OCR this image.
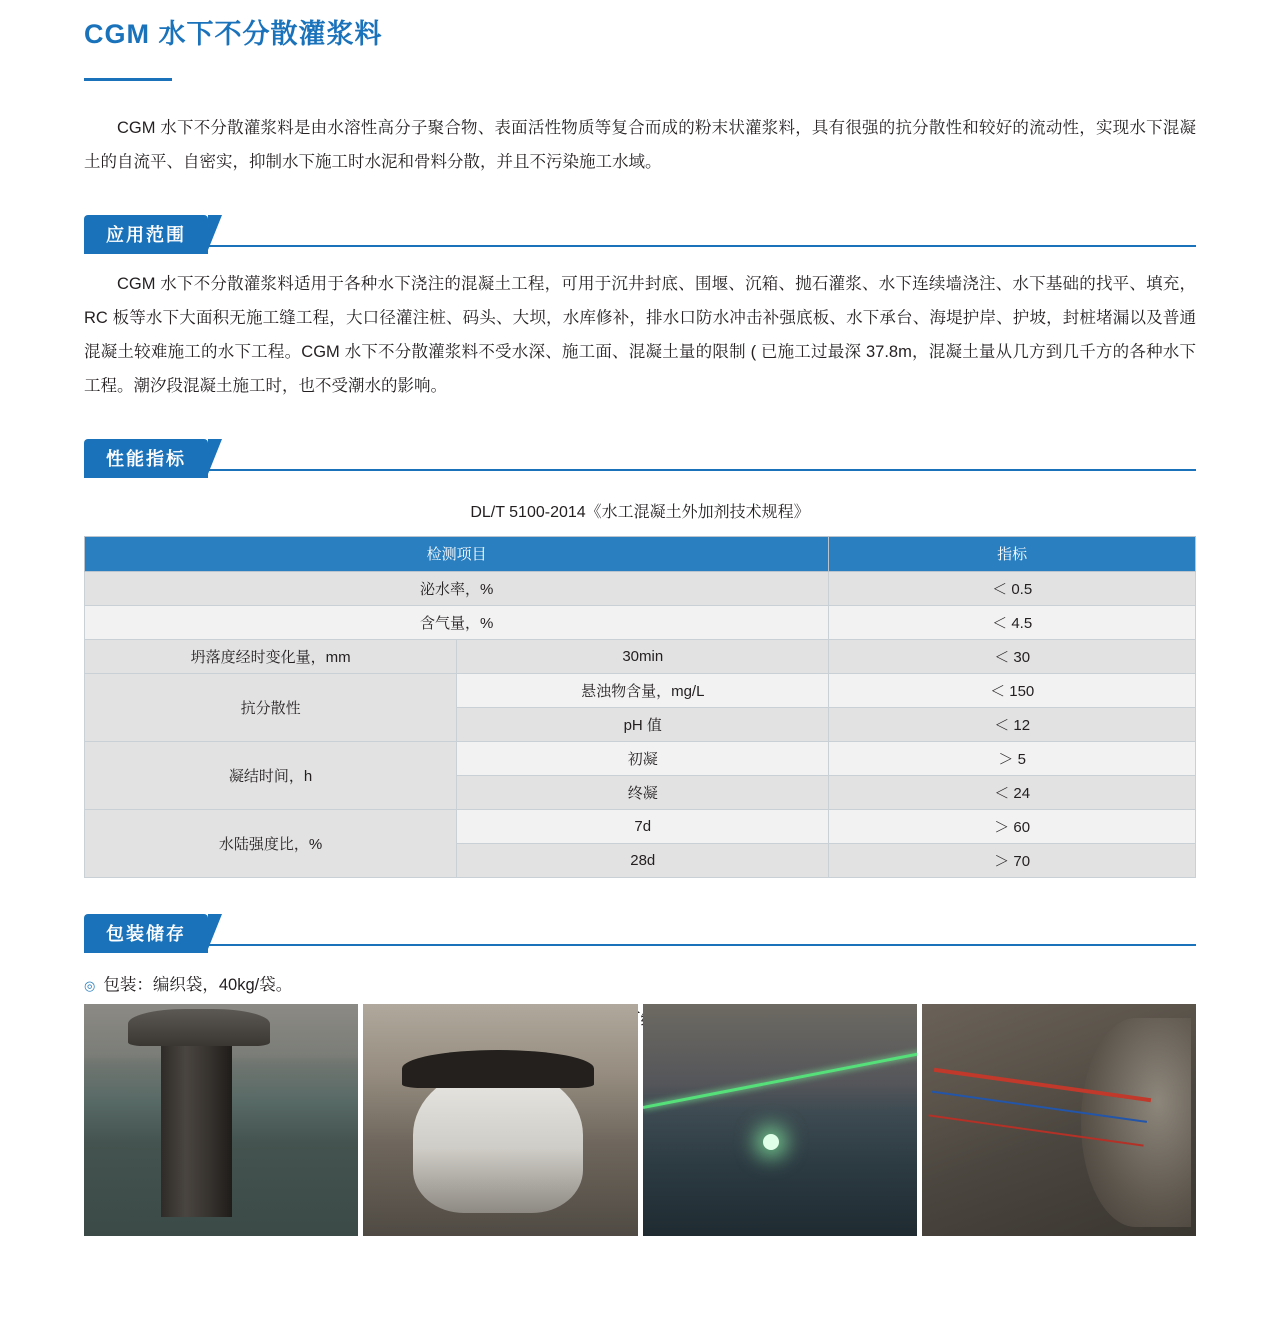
CGM 水下不分散灌浆料

CGM 水下不分散灌浆料是由水溶性高分子聚合物、表面活性物质等复合而成的粉末状灌浆料，具有很强的抗分散性和较好的流动性，实现水下混凝土的自流平、自密实，抑制水下施工时水泥和骨料分散，并且不污染施工水域。

应用范围

CGM 水下不分散灌浆料适用于各种水下浇注的混凝土工程，可用于沉井封底、围堰、沉箱、抛石灌浆、水下连续墙浇注、水下基础的找平、填充，RC 板等水下大面积无施工缝工程，大口径灌注桩、码头、大坝，水库修补，排水口防水冲击补强底板、水下承台、海堤护岸、护坡，封桩堵漏以及普通混凝土较难施工的水下工程。CGM 水下不分散灌浆料不受水深、施工面、混凝土量的限制 ( 已施工过最深 37.8m，混凝土量从几方到几千方的各种水下工程。潮汐段混凝土施工时，也不受潮水的影响。

性能指标
DL/T 5100-2014《水工混凝土外加剂技术规程》
检测项目		指标
泌水率，%		＜ 0.5
含气量，%		＜ 4.5
坍落度经时变化量，mm	30min	＜ 30
抗分散性	悬浊物含量，mg/L	＜ 150
	pH 值	＜ 12
凝结时间，h	初凝	＞ 5
	终凝	＜ 24
水陆强度比，%	7d	＞ 60
	28d	＞ 70
包装储存
◎ 包装：编织袋，40kg/袋。
